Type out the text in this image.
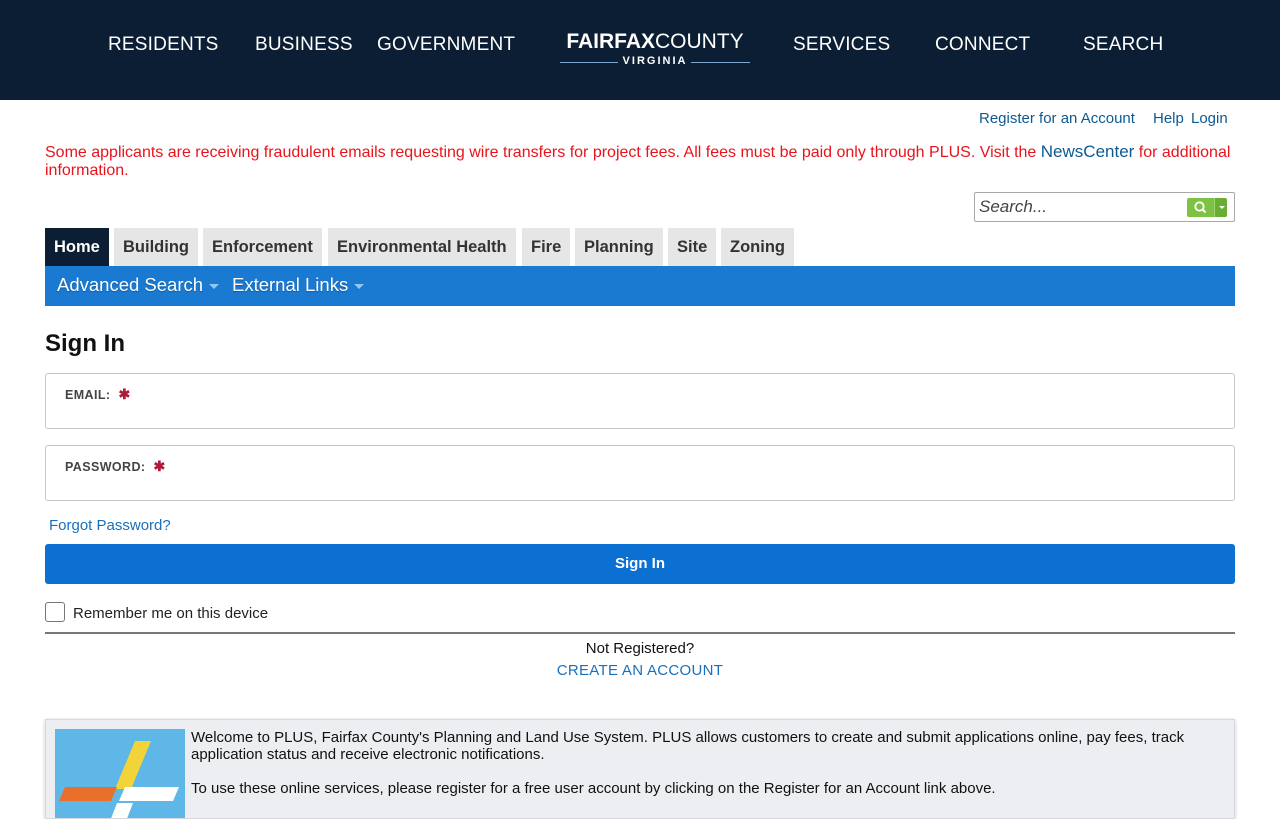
RESIDENTS BUSINESS GOVERNMENT	FAIRFAXCOUNTY
VIRGINIA
SERVICES CONNECT	SEARCH
Register for an Account Help Login
Some applicants are receiving fraudulent emails requesting wire transfers for project fees. All fees must be paid only through PLUS. Visit the NewsCenter for additional information.
Search...
Home	Building	Enforcement	Environmental Health	Fire	Planning	Site	Zoning
Advanced Search	External Links
Sign In
EMAIL: ✱
PASSWORD: ✱
Forgot Password?
Sign In
Remember me on this device
Not Registered?
CREATE AN ACCOUNT
Welcome to PLUS, Fairfax County's Planning and Land Use System. PLUS allows customers to create and submit applications online, pay fees, track application status and receive electronic notifications.
To use these online services, please register for a free user account by clicking on the Register for an Account link above.
